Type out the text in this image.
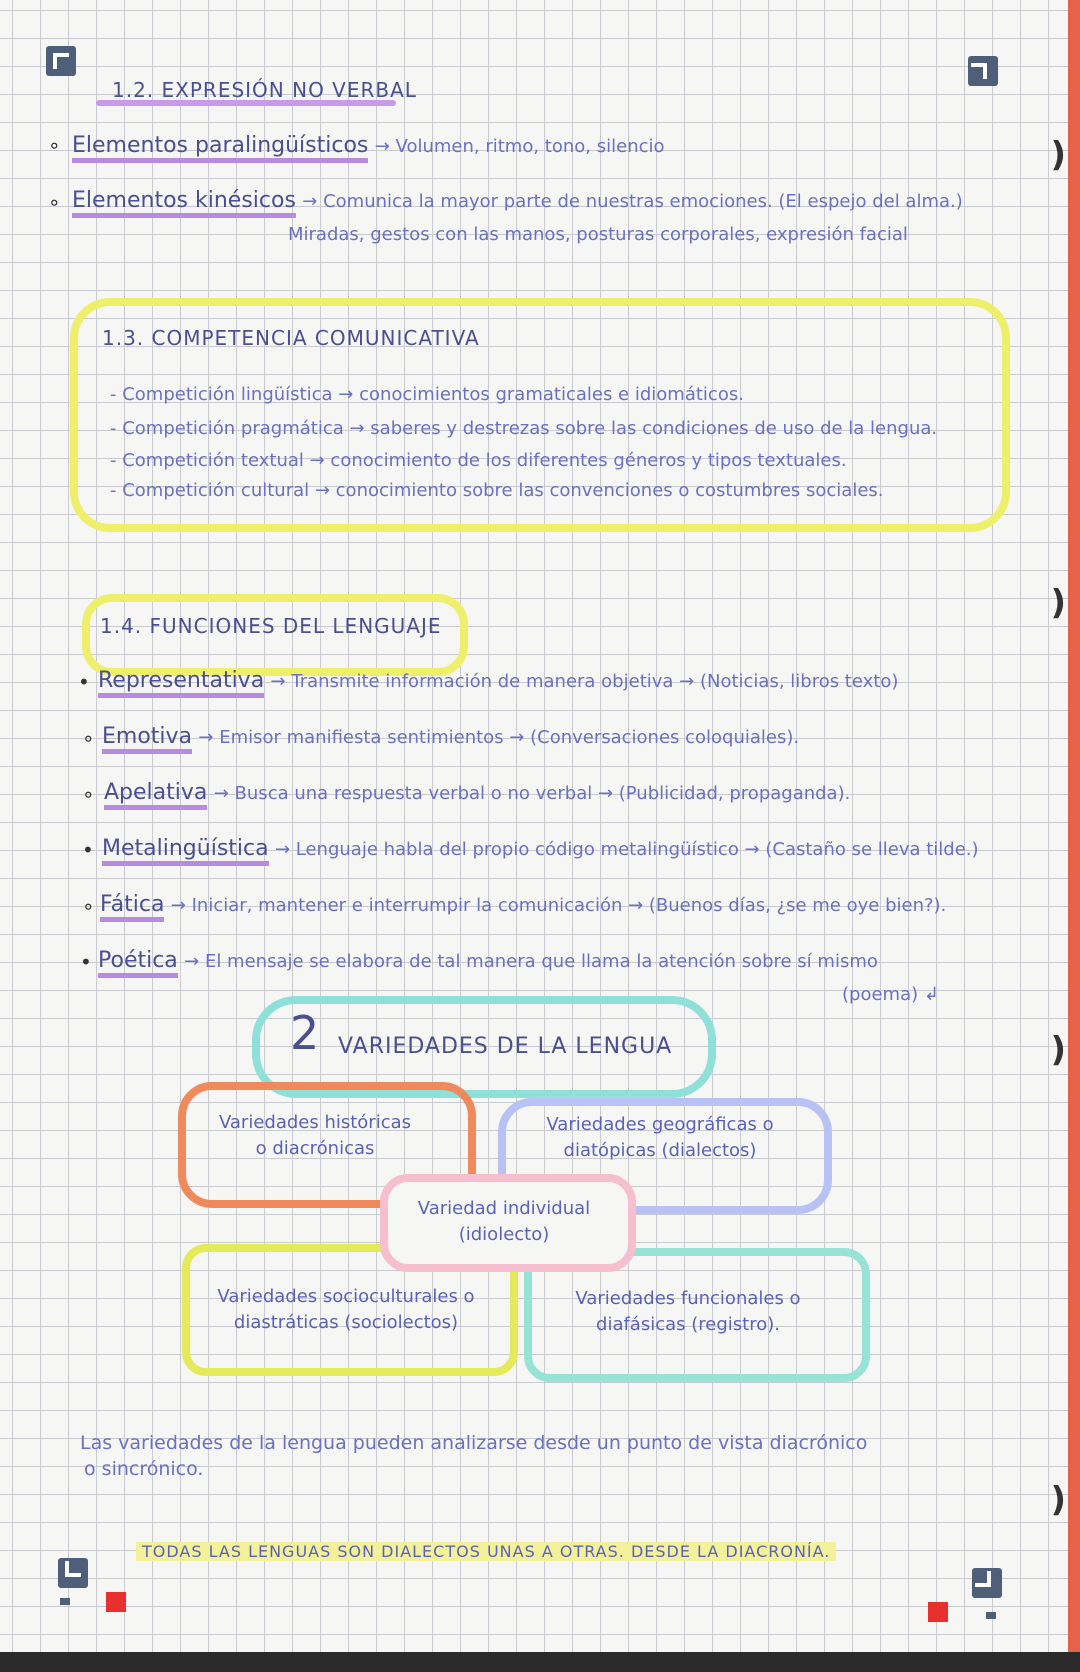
)
)
)
)
1.2. EXPRESIÓN NO VERBAL
∘ Elementos paralingüísticos → Volumen, ritmo, tono, silencio
∘ Elementos kinésicos → Comunica la mayor parte de nuestras emociones. (El espejo del alma.)
Miradas, gestos con las manos, posturas corporales, expresión facial
1.3. COMPETENCIA COMUNICATIVA
- Competición lingüística → conocimientos gramaticales e idiomáticos.
- Competición pragmática → saberes y destrezas sobre las condiciones de uso de la lengua.
- Competición textual → conocimiento de los diferentes géneros y tipos textuales.
- Competición cultural → conocimiento sobre las convenciones o costumbres sociales.
1.4. FUNCIONES DEL LENGUAJE
• Representativa → Transmite información de manera objetiva → (Noticias, libros texto)
∘ Emotiva → Emisor manifiesta sentimientos → (Conversaciones coloquiales).
∘ Apelativa → Busca una respuesta verbal o no verbal → (Publicidad, propaganda).
• Metalingüística → Lenguaje habla del propio código metalingüístico → (Castaño se lleva tilde.)
∘ Fática → Iniciar, mantener e interrumpir la comunicación → (Buenos días, ¿se me oye bien?).
• Poética → El mensaje se elabora de tal manera que llama la atención sobre sí mismo
(poema) ↲
2 VARIEDADES DE LA LENGUA
Variedades históricas
o diacrónicas
Variedades geográficas o
diatópicas (dialectos)
Variedades socioculturales o
diastráticas (sociolectos)
Variedades funcionales o
diafásicas (registro).
Variedad individual
(idiolecto)
Las variedades de la lengua pueden analizarse desde un punto de vista diacrónico
o sincrónico.
TODAS LAS LENGUAS SON DIALECTOS UNAS A OTRAS. DESDE LA DIACRONÍA.
